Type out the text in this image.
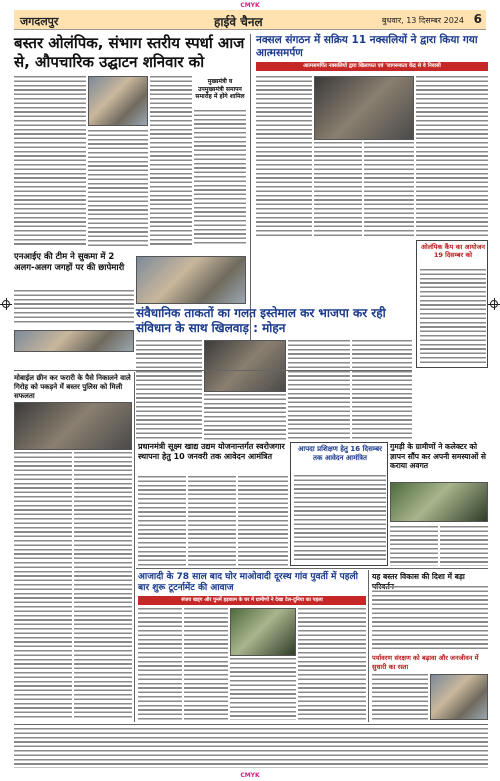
CMYK
जगदलपुर	हाईवे चैनल	बुधवार, 13 दिसम्बर 2024 6
बस्तर ओलंपिक, संभाग स्तरीय स्पर्धा आज से, औपचारिक उद्घाटन शनिवार को
मुख्यमंत्री व उपमुख्यमंत्री समापन समारोह में होंगे शामिल
नक्सल संगठन में सक्रिय 11 नक्सलियों ने द्वारा किया गया आत्मसमर्पण
आत्मसमर्पित नक्सलियों द्वारा खिलाफत एवं 'जागरूकता केंद्र से वे निवासी
एनआईए की टीम ने सुकमा में 2 अलग-अलग जगहों पर की छापेमारी
ओलंपिक कैंप का आयोजन 19 दिसम्बर को
संवैधानिक ताकतों का गलत इस्तेमाल कर भाजपा कर रही संविधान के साथ खिलवाड़ : मोहन
मोबाईल छीन कर फरारी के पैसे निकालने वाले गिरोह को पकड़ने में बस्तर पुलिस को मिली सफलता
प्रधानमंत्री सूक्ष्म खाद्य उद्यम योजनान्तर्गत स्वरोजगार स्थापना हेतु 10 जनवरी तक आवेदन आमंत्रित
आपदा प्रशिक्षण हेतु 16 दिसम्बर तक आवेदन आमंत्रित
गुमड़ी के ग्रामीणों ने कलेक्टर को ज्ञापन सौंप कर अपनी समस्याओं से कराया अवगत
आजादी के 78 साल बाद घोर माओवादी दूरस्थ गांव पुवर्ती में पहली बार शुरू टूटर्नामेंट की आवाज
संजय खड्ग और पुनर्मे हड़काम के घर में ग्रामीणों ने देखा टेल-दुनिया का पहला
यह बस्तर विकास की दिशा में बड़ा परिवर्तन
पर्यावरण संरक्षण को बढ़ावा और जनजीवन में सुधारी का रस्ता
CMYK
